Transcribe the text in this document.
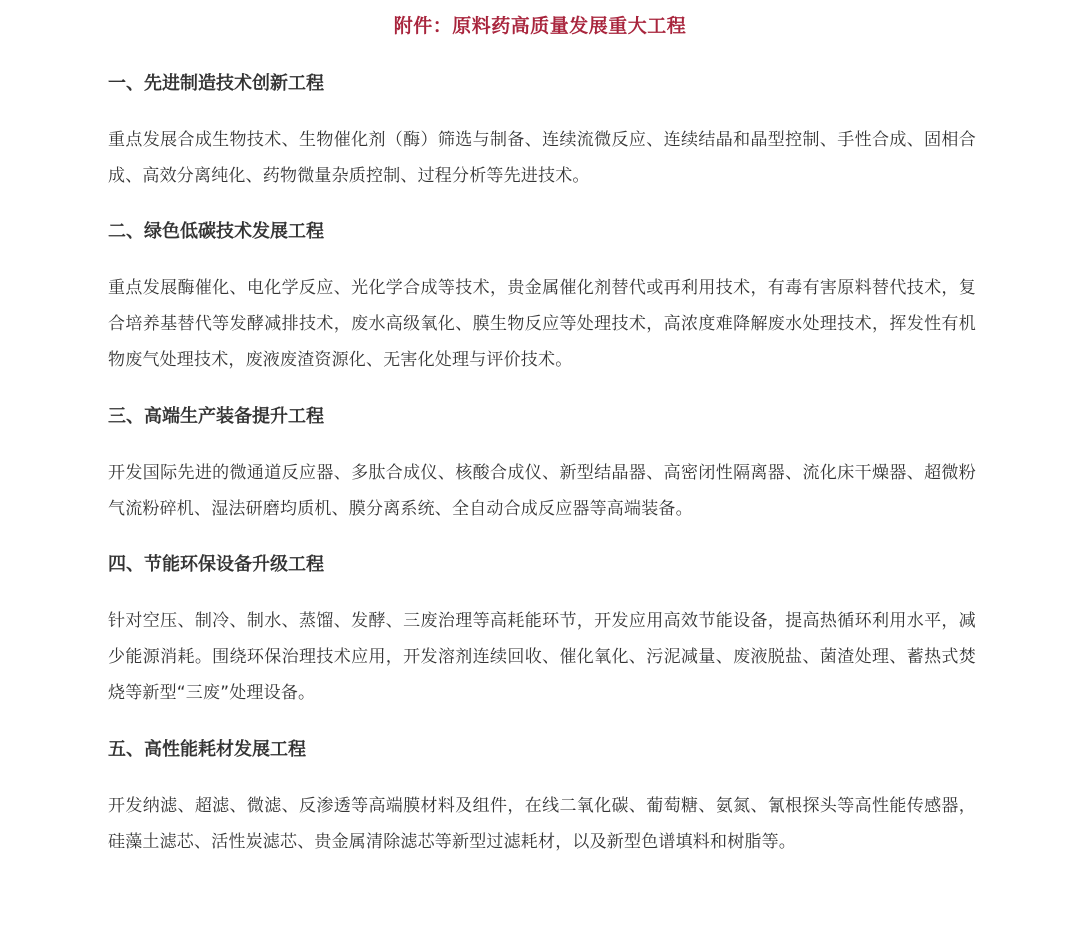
附件：原料药高质量发展重大工程
一、先进制造技术创新工程

重点发展合成生物技术、生物催化剂（酶）筛选与制备、连续流微反应、连续结晶和晶型控制、手性合成、固相合成、高效分离纯化、药物微量杂质控制、过程分析等先进技术。

二、绿色低碳技术发展工程

重点发展酶催化、电化学反应、光化学合成等技术，贵金属催化剂替代或再利用技术，有毒有害原料替代技术，复合培养基替代等发酵减排技术，废水高级氧化、膜生物反应等处理技术，高浓度难降解废水处理技术，挥发性有机物废气处理技术，废液废渣资源化、无害化处理与评价技术。

三、高端生产装备提升工程

开发国际先进的微通道反应器、多肽合成仪、核酸合成仪、新型结晶器、高密闭性隔离器、流化床干燥器、超微粉气流粉碎机、湿法研磨均质机、膜分离系统、全自动合成反应器等高端装备。

四、节能环保设备升级工程

针对空压、制冷、制水、蒸馏、发酵、三废治理等高耗能环节，开发应用高效节能设备，提高热循环利用水平，减少能源消耗。围绕环保治理技术应用，开发溶剂连续回收、催化氧化、污泥减量、废液脱盐、菌渣处理、蓄热式焚烧等新型“三废”处理设备。

五、高性能耗材发展工程

开发纳滤、超滤、微滤、反渗透等高端膜材料及组件，在线二氧化碳、葡萄糖、氨氮、氰根探头等高性能传感器，硅藻土滤芯、活性炭滤芯、贵金属清除滤芯等新型过滤耗材，以及新型色谱填料和树脂等。
